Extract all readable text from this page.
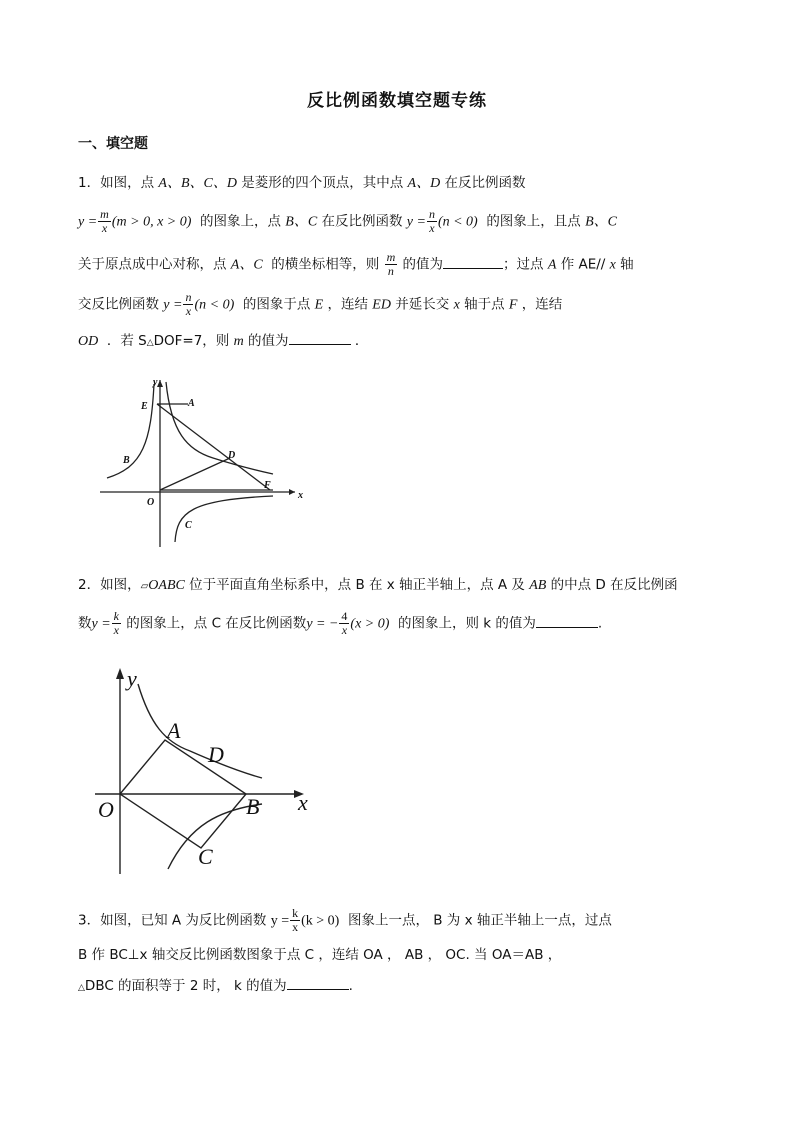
反比例函数填空题专练
一、填空题
1．如图，点 A、B、C、D 是菱形的四个顶点，其中点 A、D 在反比例函数
$y = \frac{m}{x} (m > 0$, x > 0) 的图象上，点 B、C 在反比例函数 $y = \frac{n}{x} (n < 0)$ 的图象上，且点 B、C
关于原点成中心对称，点 A、C 的横坐标相等，则 $\frac{m}{n}$ 的值为	；过点 A 作 AE// x 轴
交反比例函数 $y = \frac{n}{x} (n < 0)$ 的图象于点 E ，连结 ED 并延长交 x 轴于点 F ，连结
OD ．若 S△DOF=7，则 m 的值为	．
y
x
E	A
B	D
O
F
C
2．如图，▱OABC 位于平面直角坐标系中，点 B 在 x 轴正半轴上，点 A 及 AB 的中点 D 在反比例函
数$y = \frac{k}{x}$ 的图象上，点 C 在反比例函数y = − $\frac{4}{x} (x > 0)$ 的图象上，则 k 的值为	.
y
x
A
D
O	B
C
3．如图，已知 A 为反比例函数 $y = \frac{k}{x} (k > 0)$ 图象上一点， B 为 x 轴正半轴上一点，过点
B 作 BC⊥x 轴交反比例函数图象于点 C ，连结 OA ， AB ， OC. 当 OA＝AB ，
△DBC 的面积等于 2 时， k 的值为	.
